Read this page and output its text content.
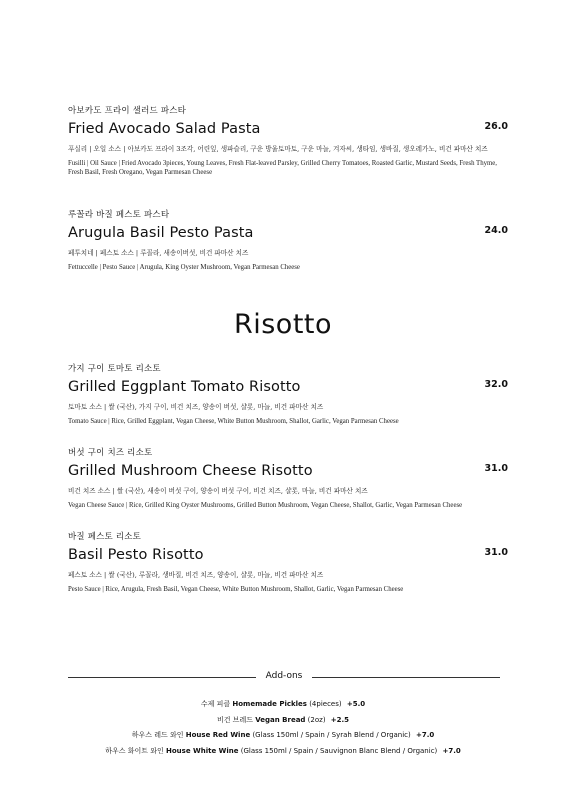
아보카도 프라이 샐러드 파스타
Fried Avocado Salad Pasta	26.0
푸실리 | 오일 소스 | 아보카도 프라이 3조각, 어린잎, 생파슬리, 구운 방울토마토, 구운 마늘, 겨자씨, 생타임, 생바질, 생오레가노, 비건 파마산 치즈
Fusilli | Oil Sauce | Fried Avocado 3pieces, Young Leaves, Fresh Flat-leaved Parsley, Grilled Cherry Tomatoes, Roasted Garlic, Mustard Seeds, Fresh Thyme, Fresh Basil, Fresh Oregano, Vegan Parmesan Cheese
루꼴라 바질 페스토 파스타
Arugula Basil Pesto Pasta	24.0
페투치네 | 페스토 소스 | 루꼴라, 새송이버섯, 비건 파마산 치즈
Fettuccelle | Pesto Sauce | Arugula, King Oyster Mushroom, Vegan Parmesan Cheese
Risotto
가지 구이 토마토 리소토
Grilled Eggplant Tomato Risotto	32.0
토마토 소스 | 쌀 (국산), 가지 구이, 비건 치즈, 양송이 버섯, 샬롯, 마늘, 비건 파마산 치즈
Tomato Sauce | Rice, Grilled Eggplant, Vegan Cheese, White Button Mushroom, Shallot, Garlic, Vegan Parmesan Cheese
버섯 구이 치즈 리소토
Grilled Mushroom Cheese Risotto	31.0
비건 치즈 소스 | 쌀 (국산), 새송이 버섯 구이, 양송이 버섯 구이, 비건 치즈, 샬롯, 마늘, 비건 파마산 치즈
Vegan Cheese Sauce | Rice, Grilled King Oyster Mushrooms, Grilled Button Mushroom, Vegan Cheese, Shallot, Garlic, Vegan Parmesan Cheese
바질 페스토 리소토
Basil Pesto Risotto	31.0
페스토 소스 | 쌀 (국산), 루꼴라, 생바질, 비건 치즈, 양송이, 샬롯, 마늘, 비건 파마산 치즈
Pesto Sauce | Rice, Arugula, Fresh Basil, Vegan Cheese, White Button Mushroom, Shallot, Garlic, Vegan Parmesan Cheese
Add-ons
수제 피클 Homemade Pickles (4pieces) +5.0
비건 브레드 Vegan Bread (2oz) +2.5
하우스 레드 와인 House Red Wine (Glass 150ml / Spain / Syrah Blend / Organic) +7.0
하우스 화이트 와인 House White Wine (Glass 150ml / Spain / Sauvignon Blanc Blend / Organic) +7.0
